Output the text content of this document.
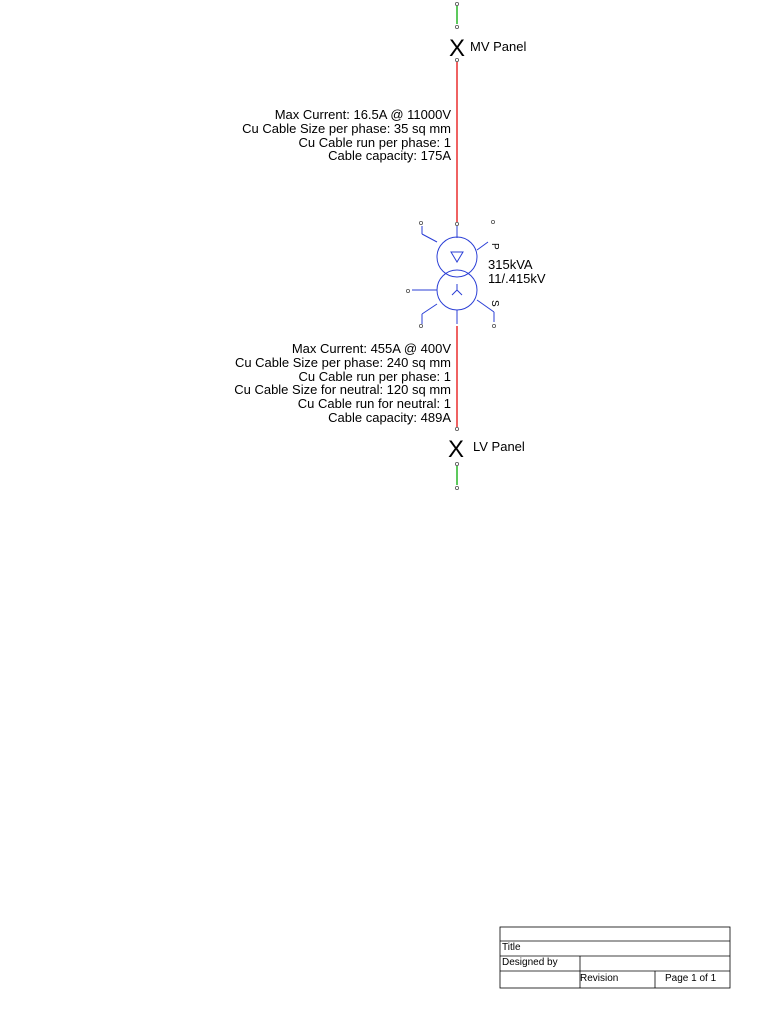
X MV Panel
Max Current: 16.5A @ 11000V
Cu Cable Size per phase: 35 sq mm
Cu Cable run per phase: 1
Cable capacity: 175A
P
S
315kVA
11/.415kV
Max Current: 455A @ 400V
Cu Cable Size per phase: 240 sq mm
Cu Cable run per phase: 1
Cu Cable Size for neutral: 120 sq mm
Cu Cable run for neutral: 1
Cable capacity: 489A
X LV Panel
Title
Designed by
Revision	Page 1 of 1
